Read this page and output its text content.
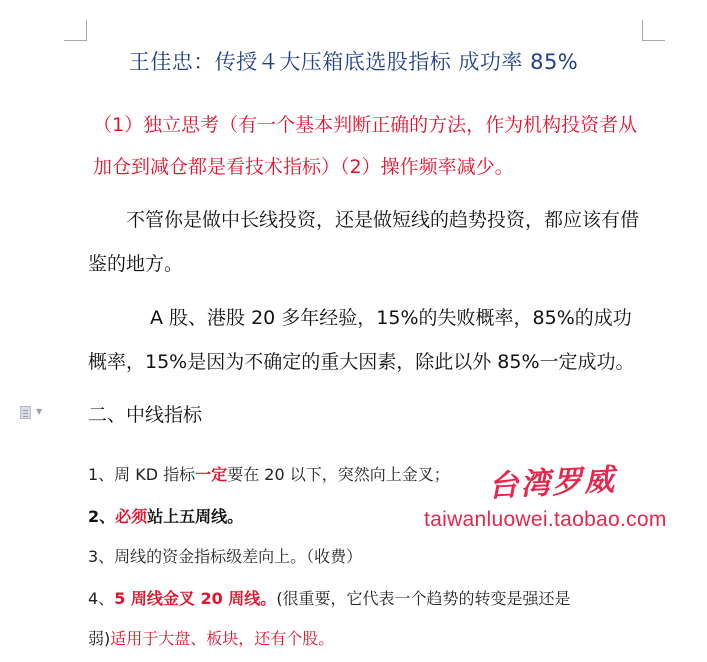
王佳忠：传授４大压箱底选股指标 成功率 85%
（1）独立思考（有一个基本判断正确的方法，作为机构投资者从加仓到减仓都是看技术指标）（2）操作频率减少。
不管你是做中长线投资，还是做短线的趋势投资，都应该有借鉴的地方。
A 股、港股 20 多年经验，15%的失败概率，85%的成功概率，15%是因为不确定的重大因素，除此以外 85%一定成功。
▼ 二、中线指标
1、周 KD 指标一定要在 20 以下，突然向上金叉；
2、必须站上五周线。
3、周线的资金指标级差向上。（收费）
4、5 周线金叉 20 周线。(很重要，它代表一个趋势的转变是强还是
弱)适用于大盘、板块，还有个股。
台湾罗威
taiwanluowei.taobao.com
